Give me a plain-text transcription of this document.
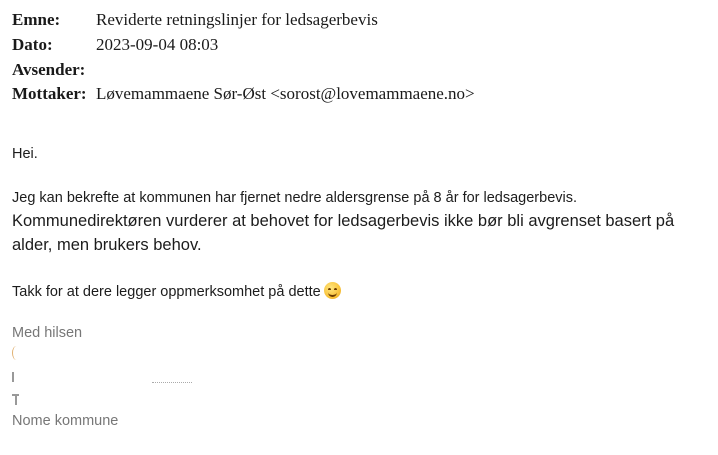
Emne: Reviderte retningslinjer for ledsagerbevis
Dato:	2023-09-04 08:03
Avsender:
Mottaker: Løvemammaene Sør-Øst <sorost@lovemammaene.no>
Hei.
Jeg kan bekrefte at kommunen har fjernet nedre aldersgrense på 8 år for ledsagerbevis.
Kommunedirektøren vurderer at behovet for ledsagerbevis ikke bør bli avgrenset basert på
alder, men brukers behov.
Takk for at dere legger oppmerksomhet på dette
Med hilsen
Nome kommune
